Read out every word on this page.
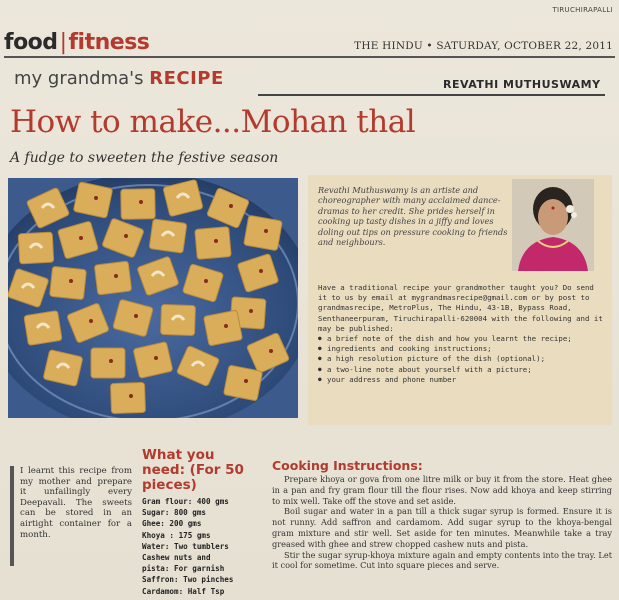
food|fitness
TIRUCHIRAPALLI
THE HINDU • SATURDAY, OCTOBER 22, 2011
my grandma's RECIPE	REVATHI MUTHUSWAMY
How to make...Mohan thal
A fudge to sweeten the festive season
Revathi Muthuswamy is an artiste and choreographer with many acclaimed dance-dramas to her credit. She prides herself in cooking up tasty dishes in a jiffy and loves doling out tips on pressure cooking to friends and neighbours.
Have a traditional recipe your grandmother taught you? Do send it to us by email at mygrandmasrecipe@gmail.com or by post to grandmasrecipe, MetroPlus, The Hindu, 43-1B, Bypass Road, Senthaneerpuram, Tiruchirapalli-620004 with the following and it may be published:
● a brief note of the dish and how you learnt the recipe;
● ingredients and cooking instructions;
● a high resolution picture of the dish (optional);
● a two-line note about yourself with a picture;
● your address and phone number
I learnt this recipe from my mother and prepare it unfailingly every Deepavali. The sweets can be stored in an airtight container for a month.
What you need: (For 50 pieces)
Gram flour: 400 gms
Sugar: 800 gms
Ghee: 200 gms
Khoya : 175 gms
Water: Two tumblers
Cashew nuts and
pista: For garnish
Saffron: Two pinches
Cardamom: Half Tsp
Cooking Instructions:

Prepare khoya or gova from one litre milk or buy it from the store. Heat ghee in a pan and fry gram flour till the flour rises. Now add khoya and keep stirring to mix well. Take off the stove and set aside.

Boil sugar and water in a pan till a thick sugar syrup is formed. Ensure it is not runny. Add saffron and cardamom. Add sugar syrup to the khoya-bengal gram mixture and stir well. Set aside for ten minutes. Meanwhile take a tray greased with ghee and strew chopped cashew nuts and pista.

Stir the sugar syrup-khoya mixture again and empty contents into the tray. Let it cool for sometime. Cut into square pieces and serve.
